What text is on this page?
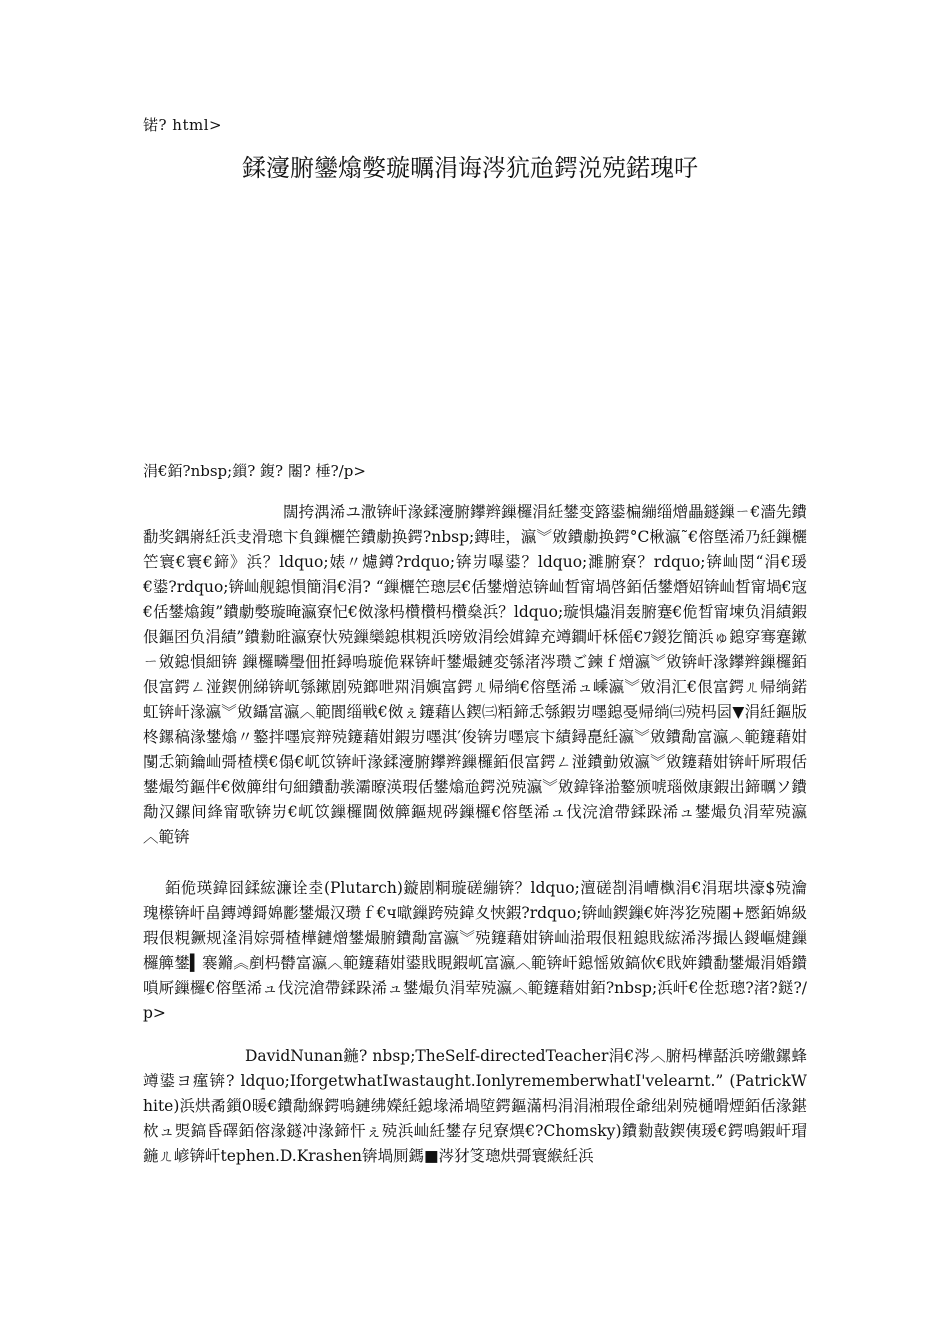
锘? html>
鍒濅腑鑾熻嫳璇曞涓诲涔犺兘鍔涚殑鍩瑰吇
涓€銆?nbsp;鎻? 鍑? 闂? 棰?/p>

闊挎湡浠ユ潵锛屽湪鍒濅腑鑻辫鏁欏涓紝鐢变簬鍙楄繃缁熷畾鐩鏁ㄧ€濇先鐨勫奖鍝嶈紝浜叏滑璁卞負鏁欐笀鐨勮换鍔?nbsp;鏄晆，瀛︾敓鐨勮换鍔°C楸瀛˜€傛墍浠乃紝鏁欐笀寰€寰€鍗》浜？ldquo;婊〃爈鐏?rdquo;锛岃嚗鍙？ldquo;濉腑寮？rdquo;锛屾閚“涓€瑗€鍙?rdquo;锛屾舰鎴愪簡涓€涓? “鏁欐笀璁层€佸鐢熷惉锛屾晳甯堝啓銆佸鐢熸妱锛屾晳甯堝€寇€佸鐢熻鍑”鐨勮嫳璇晻瀛寮忋€傚湪杩欑欑杩欑燊浜？ldquo;璇惧爞涓轰腑蹇€佹晳甯堜负涓績鍜佷鏂囨负涓績”鐨勬暀瀛寮忕殑鏁欒鎴棋粯浜嗙敓涓绘媶鍏充竴鐧屽柇傜€ﾌ鍐犵簡浜ゅ鎴穿骞蹇鏉ㄧ敓鎴愪細锛 鏁欏疄璺佃拰鐞嗚璇佹槑锛屽鐢熶鏈変綔渚涔瓒ご鍊ｆ熷瀛︾敓锛屽湪鑻辫鏁欏銆佷富鍔ㄥ湴鍥侀綈锛屼綔鏉剧殑鎯呭喌涓嬩富鍔ㄦ帰绱€傛墍浠ュ嵊瀛︾敓涓汇€佷富鍔ㄦ帰绱鍩虹锛屽湪瀛︾敓鑷富瀛︿範閬缁戦€傚ぇ鑳藉亾鍥㈢粨鍗忎綔鍜岃嚜鎴戞帰绱㈢殑杩囩▼涓紝鏂版柊鏍稿湪鐢熻〃鐜拌嚜宸辩殑鑳藉姏鍜岃嚜淇′俊锛岃嚜宸卞績鐞嗭紝瀛︾敓鐨勪富瀛︿範鑳藉姏闅忎箣鑰屾彁楂樸€傝€屼笖锛屽湪鍒濅腑鑻辫鏁欏銆佷富鍔ㄥ湴鐨勭敓瀛︾敓鑳藉姏锛屽厛瑕佸鐢熶笉鏂伴€傚簲绀句細鐨勫彂灞曢渶瑕佸鐢熻兘鍔涚殑瀛︾敓鍏锋湁鐜颁唬瑙傚康鍜岀鍗曞ソ鐨勪汉鏍间綘甯歌锛岃€屼笖鏁欏閫傚簲鏂规硶鏁欏€傛墍浠ュ伐浣滄帶鍒跺浠ュ鐢熶负涓荤殑瀛︿範锛

銆佹瑛鍏囧鍒綋濂诠坴(Plutarch)鏇剧粡璇磋繃锛？ldquo;澶磋剳涓嶆槸涓€涓琚垬濠$殑瀹瑰櫒锛屽畠鏄竴鎶婂彲鐢熶汉瓒ｆ€ч噷鏁跨殑鍏夊悏鍜?rdquo;锛屾鍥鏁€姩涔犵殑闂+憠銆婂級瑕佷粯鐝规湰涓婃彁楂樺鏈熷鐢熶腑鐨勪富瀛︾殑鑳藉姏锛屾湁瑕佷粈鎴戝綋浠涔撮亾鍐嶇煡鏁欏簲鐢▍褰鏅︽剷杩欎富瀛︿範鑳藉姏鍙戝睍鍜屼富瀛︿範锛屽鎴愮敓鎬佽€戝姩鐨勫鐢熶涓婚鑽嗩厛鏁欏€傛墍浠ュ伐浣滄帶鍒跺浠ュ鐢熶负涓荤殑瀛︿範鑳藉姏銆?nbsp;浜屽€佺悊璁?渚?鎹?/p>

DavidNunan鍦? nbsp;TheSelf-directedTeacher涓€涔︿腑杩樺嚭浜嗙繖鏍蜂竴鍙ヨ瘽锛? ldquo;IforgetwhatIwastaught.IonlyrememberwhatI'velearnt.” (PatrickWhite)浜烘矞鎻0暖€鐨勪緥鍔嗚鏈绋嬫紝鎴堟浠堝埅鍔鏂滿杩涓涓湐瑕佺爺绌剁殑樋嗗煙銆佸湪鍖栨ュ煚鎬昏礋銆傛湪鐩冲湪鍗忓ぇ殑浜屾紝鐢存兒寮熼€?Chomsky)鐨勬敼鍥侇瑗€鍔鳴鍜屽瑁鍦ㄦ嵃锛屽tephen.D.Krashen锛堝厠鎷■涔犲笅璁烘彁寰緱紝浜
